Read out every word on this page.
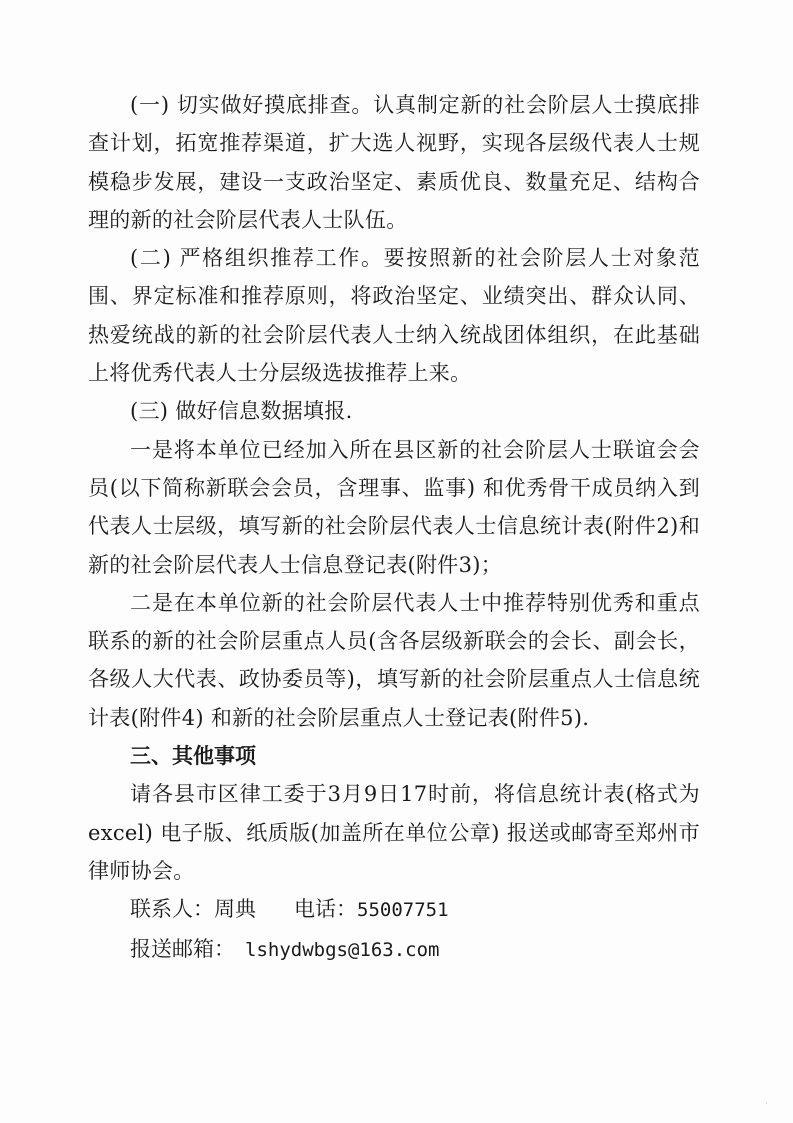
(一) 切实做好摸底排查。认真制定新的社会阶层人士摸底排查计划，拓宽推荐渠道，扩大选人视野，实现各层级代表人士规模稳步发展，建设一支政治坚定、素质优良、数量充足、结构合理的新的社会阶层代表人士队伍。

(二) 严格组织推荐工作。要按照新的社会阶层人士对象范围、界定标准和推荐原则，将政治坚定、业绩突出、群众认同、热爱统战的新的社会阶层代表人士纳入统战团体组织，在此基础上将优秀代表人士分层级选拔推荐上来。

(三) 做好信息数据填报.

一是将本单位已经加入所在县区新的社会阶层人士联谊会会员(以下简称新联会会员，含理事、监事) 和优秀骨干成员纳入到代表人士层级，填写新的社会阶层代表人士信息统计表(附件2)和新的社会阶层代表人士信息登记表(附件3)；

二是在本单位新的社会阶层代表人士中推荐特别优秀和重点联系的新的社会阶层重点人员(含各层级新联会的会长、副会长，各级人大代表、政协委员等)，填写新的社会阶层重点人士信息统计表(附件4) 和新的社会阶层重点人士登记表(附件5).

三、其他事项

请各县市区律工委于3月9日17时前，将信息统计表(格式为excel) 电子版、纸质版(加盖所在单位公章) 报送或邮寄至郑州市律师协会。

联系人：周典 电话：55007751

报送邮箱： lshydwbgs@163.com

·
